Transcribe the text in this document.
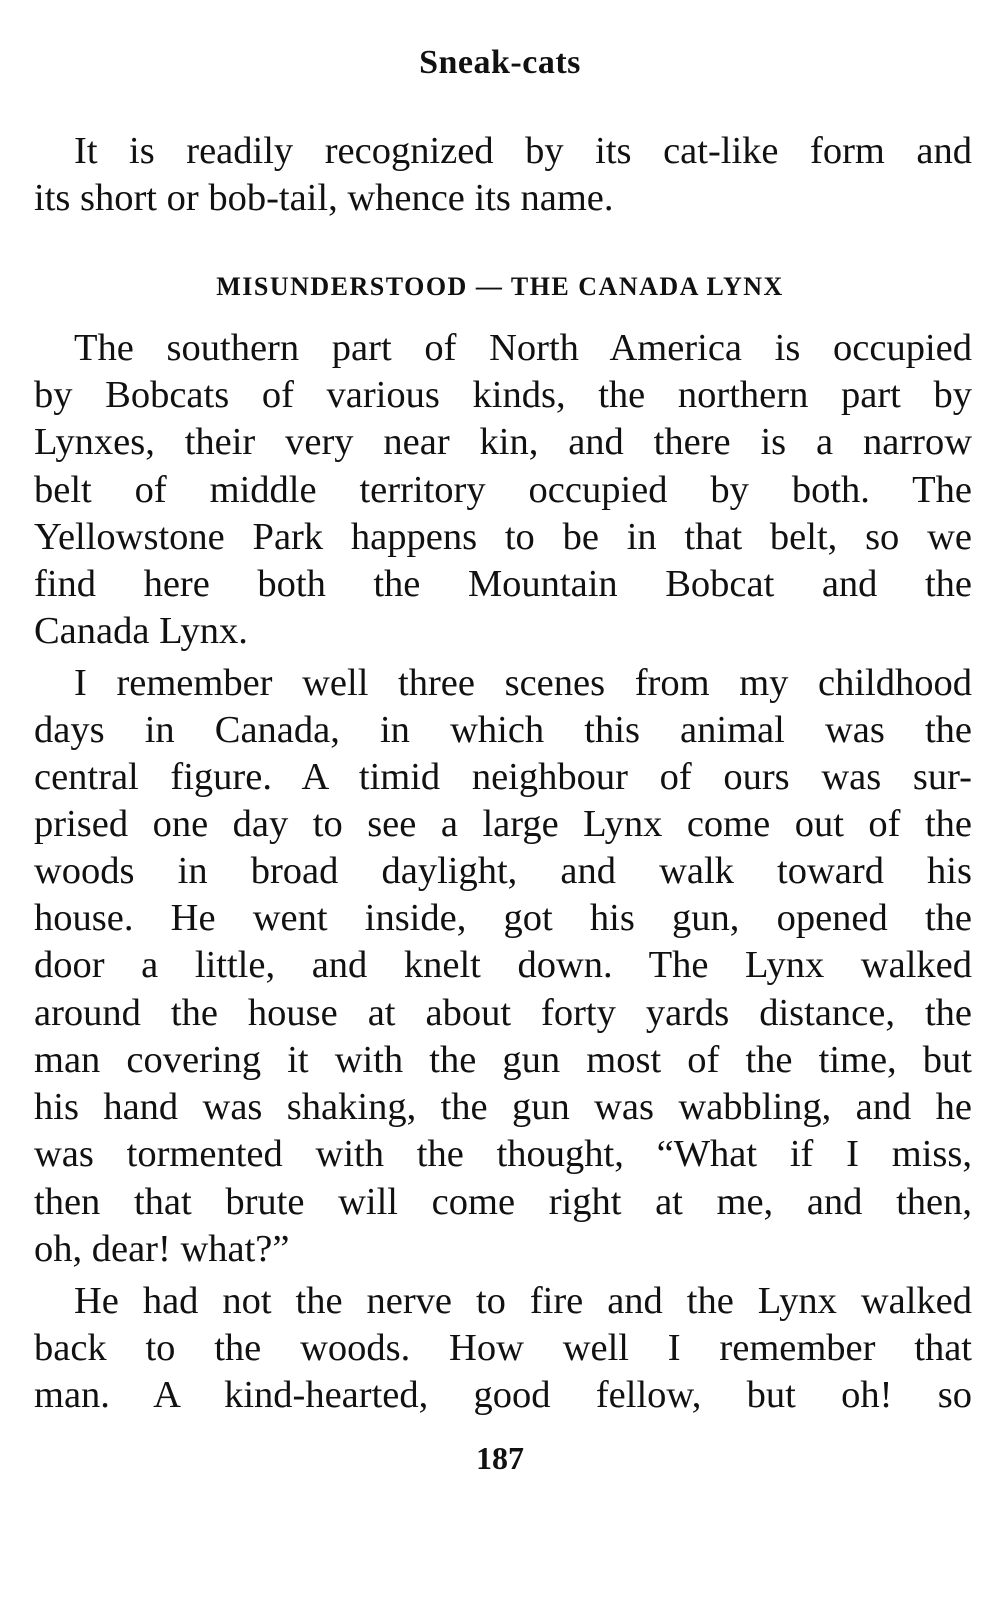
Sneak-cats
It is readily recognized by its cat-like form and
its short or bob-tail, whence its name.
MISUNDERSTOOD — THE CANADA LYNX
The southern part of North America is occupied
by Bobcats of various kinds, the northern part by
Lynxes, their very near kin, and there is a narrow
belt of middle territory occupied by both. The
Yellowstone Park happens to be in that belt, so we
find here both the Mountain Bobcat and the
Canada Lynx.
I remember well three scenes from my childhood
days in Canada, in which this animal was the
central figure. A timid neighbour of ours was sur-
prised one day to see a large Lynx come out of the
woods in broad daylight, and walk toward his
house. He went inside, got his gun, opened the
door a little, and knelt down. The Lynx walked
around the house at about forty yards distance, the
man covering it with the gun most of the time, but
his hand was shaking, the gun was wabbling, and he
was tormented with the thought, “What if I miss,
then that brute will come right at me, and then,
oh, dear! what?”
He had not the nerve to fire and the Lynx walked
back to the woods. How well I remember that
man. A kind-hearted, good fellow, but oh! so
187
